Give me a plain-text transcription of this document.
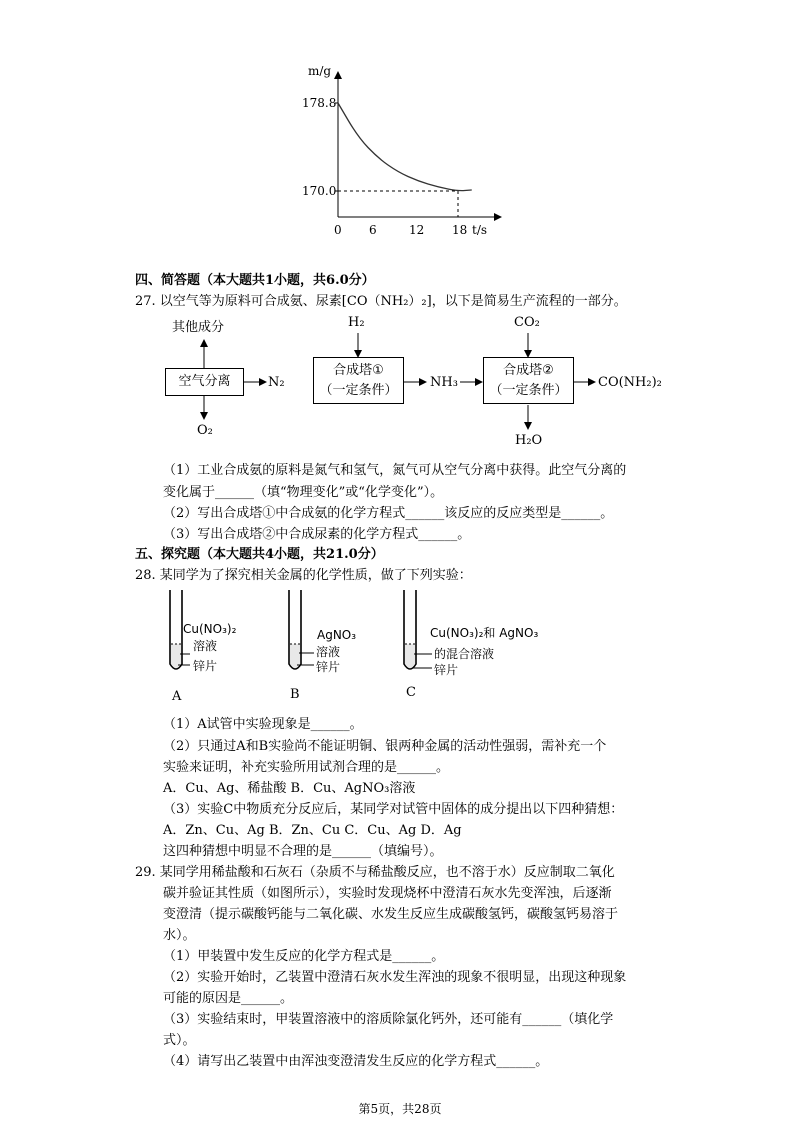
m/g
t/s
178.8
170.0
0 6	12 18
四、简答题（本大题共1小题，共6.0分）
27. 以空气等为原料可合成氨、尿素[CO（NH₂）₂]，以下是简易生产流程的一部分。
其他成分
空气分离
O₂
N₂
H₂
合成塔①
（一定条件）
NH₃
CO₂
合成塔②
（一定条件）
CO(NH₂)₂
H₂O
（1）工业合成氨的原料是氮气和氢气，氮气可从空气分离中获得。此空气分离的
变化属于______（填“物理变化”或“化学变化”）。
（2）写出合成塔①中合成氨的化学方程式______该反应的反应类型是______。
（3）写出合成塔②中合成尿素的化学方程式______。
五、探究题（本大题共4小题，共21.0分）
28. 某同学为了探究相关金属的化学性质，做了下列实验：
Cu(NO₃)₂
溶液
锌片
A
AgNO₃
溶液
锌片
B
Cu(NO₃)₂和 AgNO₃
的混合溶液
锌片
C
（1）A试管中实验现象是______。
（2）只通过A和B实验尚不能证明铜、银两种金属的活动性强弱，需补充一个
实验来证明，补充实验所用试剂合理的是______。
A．Cu、Ag、稀盐酸 B．Cu、AgNO₃溶液
（3）实验C中物质充分反应后，某同学对试管中固体的成分提出以下四种猜想：
A．Zn、Cu、Ag B．Zn、Cu C．Cu、Ag D．Ag
这四种猜想中明显不合理的是______（填编号）。
29. 某同学用稀盐酸和石灰石（杂质不与稀盐酸反应，也不溶于水）反应制取二氧化
碳并验证其性质（如图所示），实验时发现烧杯中澄清石灰水先变浑浊，后逐渐
变澄清（提示碳酸钙能与二氧化碳、水发生反应生成碳酸氢钙，碳酸氢钙易溶于
水）。
（1）甲装置中发生反应的化学方程式是______。
（2）实验开始时，乙装置中澄清石灰水发生浑浊的现象不很明显，出现这种现象
可能的原因是______。
（3）实验结束时，甲装置溶液中的溶质除氯化钙外，还可能有______（填化学
式）。
（4）请写出乙装置中由浑浊变澄清发生反应的化学方程式______。
第5页，共28页
